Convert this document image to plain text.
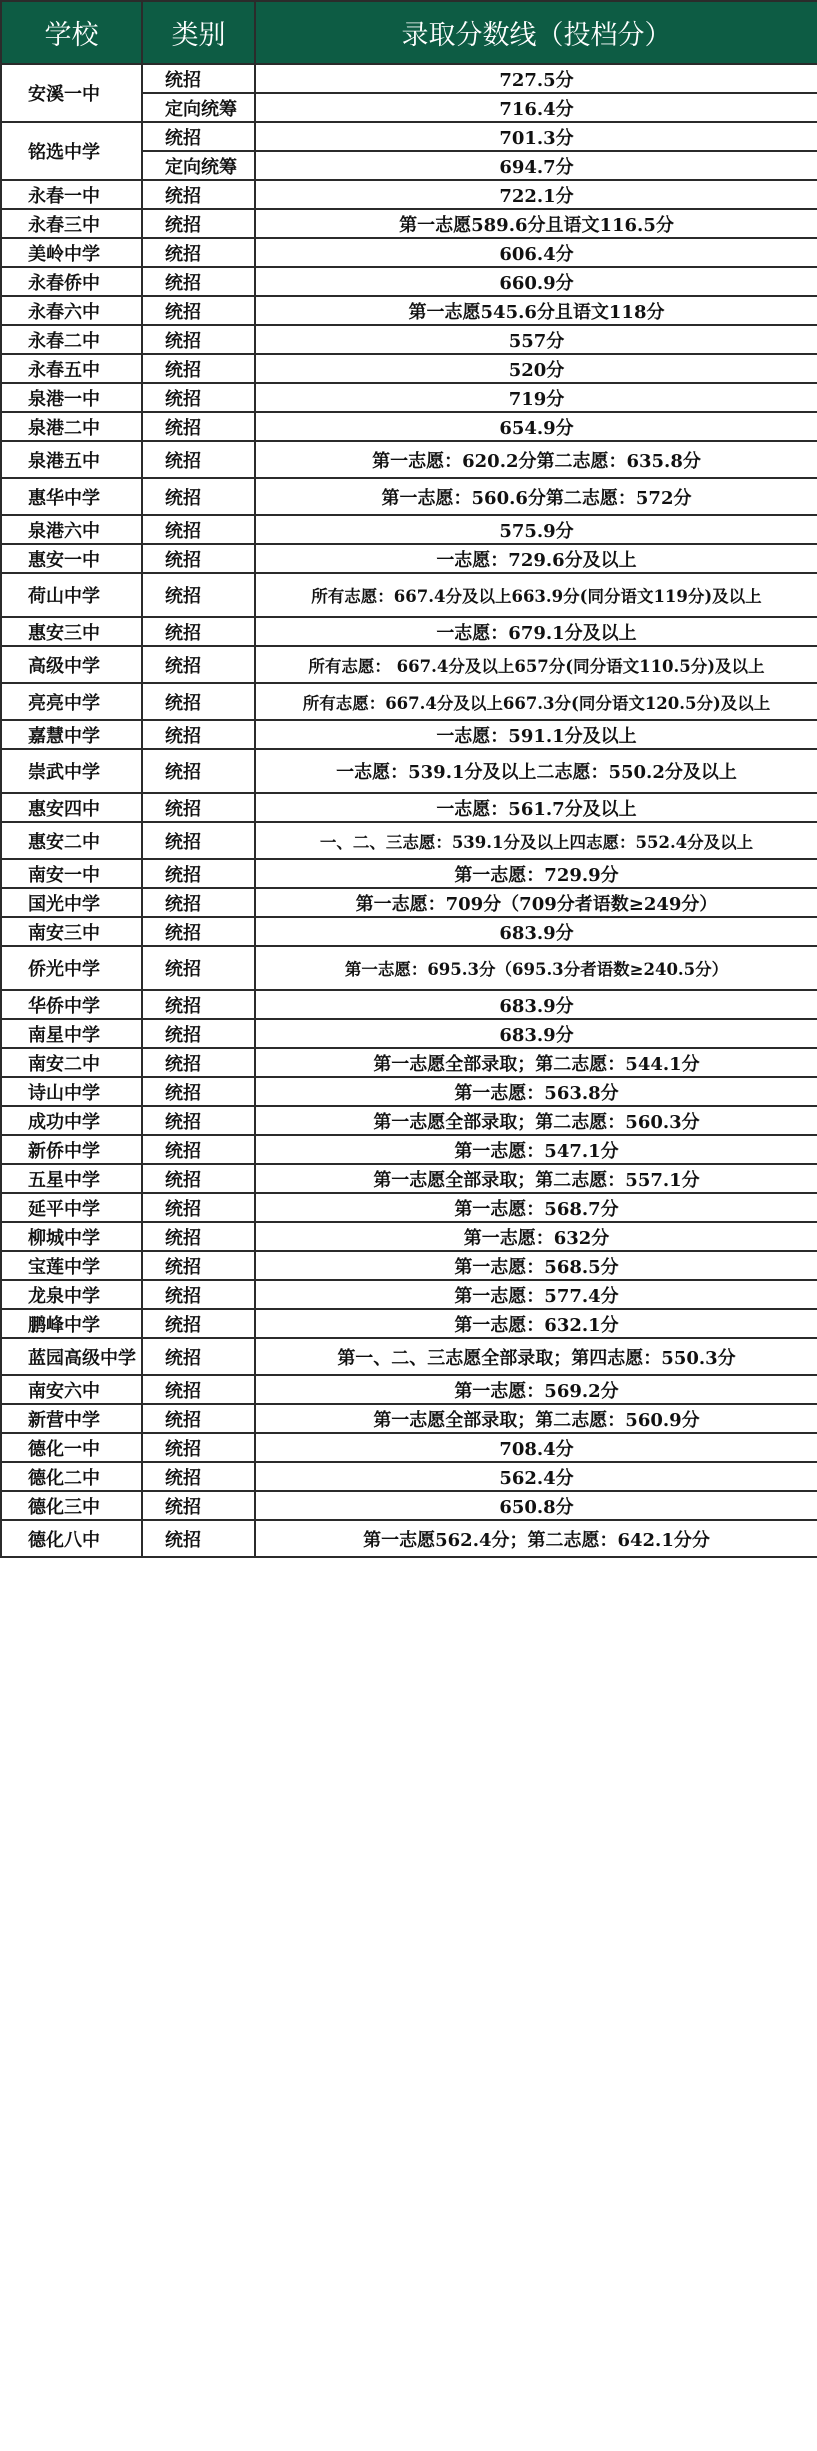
学校	类别	录取分数线（投档分）
安溪一中	统招	727.5分
	定向统筹	716.4分
铭选中学	统招	701.3分
	定向统筹	694.7分
永春一中	统招	722.1分
永春三中	统招	第一志愿589.6分且语文116.5分
美岭中学	统招	606.4分
永春侨中	统招	660.9分
永春六中	统招	第一志愿545.6分且语文118分
永春二中	统招	557分
永春五中	统招	520分
泉港一中	统招	719分
泉港二中	统招	654.9分
泉港五中	统招	第一志愿：620.2分第二志愿：635.8分
惠华中学	统招	第一志愿：560.6分第二志愿：572分
泉港六中	统招	575.9分
惠安一中	统招	一志愿：729.6分及以上
荷山中学	统招	所有志愿：667.4分及以上663.9分(同分语文119分)及以上
惠安三中	统招	一志愿：679.1分及以上
高级中学	统招	所有志愿： 667.4分及以上657分(同分语文110.5分)及以上
亮亮中学	统招	所有志愿：667.4分及以上667.3分(同分语文120.5分)及以上
嘉慧中学	统招	一志愿：591.1分及以上
崇武中学	统招	一志愿：539.1分及以上二志愿：550.2分及以上
惠安四中	统招	一志愿：561.7分及以上
惠安二中	统招	一、二、三志愿：539.1分及以上四志愿：552.4分及以上
南安一中	统招	第一志愿：729.9分
国光中学	统招	第一志愿：709分（709分者语数≥249分）
南安三中	统招	683.9分
侨光中学	统招	第一志愿：695.3分（695.3分者语数≥240.5分）
华侨中学	统招	683.9分
南星中学	统招	683.9分
南安二中	统招	第一志愿全部录取；第二志愿：544.1分
诗山中学	统招	第一志愿：563.8分
成功中学	统招	第一志愿全部录取；第二志愿：560.3分
新侨中学	统招	第一志愿：547.1分
五星中学	统招	第一志愿全部录取；第二志愿：557.1分
延平中学	统招	第一志愿：568.7分
柳城中学	统招	第一志愿：632分
宝莲中学	统招	第一志愿：568.5分
龙泉中学	统招	第一志愿：577.4分
鹏峰中学	统招	第一志愿：632.1分
蓝园高级中学	统招	第一、二、三志愿全部录取；第四志愿：550.3分
南安六中	统招	第一志愿：569.2分
新营中学	统招	第一志愿全部录取；第二志愿：560.9分
德化一中	统招	708.4分
德化二中	统招	562.4分
德化三中	统招	650.8分
德化八中	统招	第一志愿562.4分；第二志愿：642.1分分
